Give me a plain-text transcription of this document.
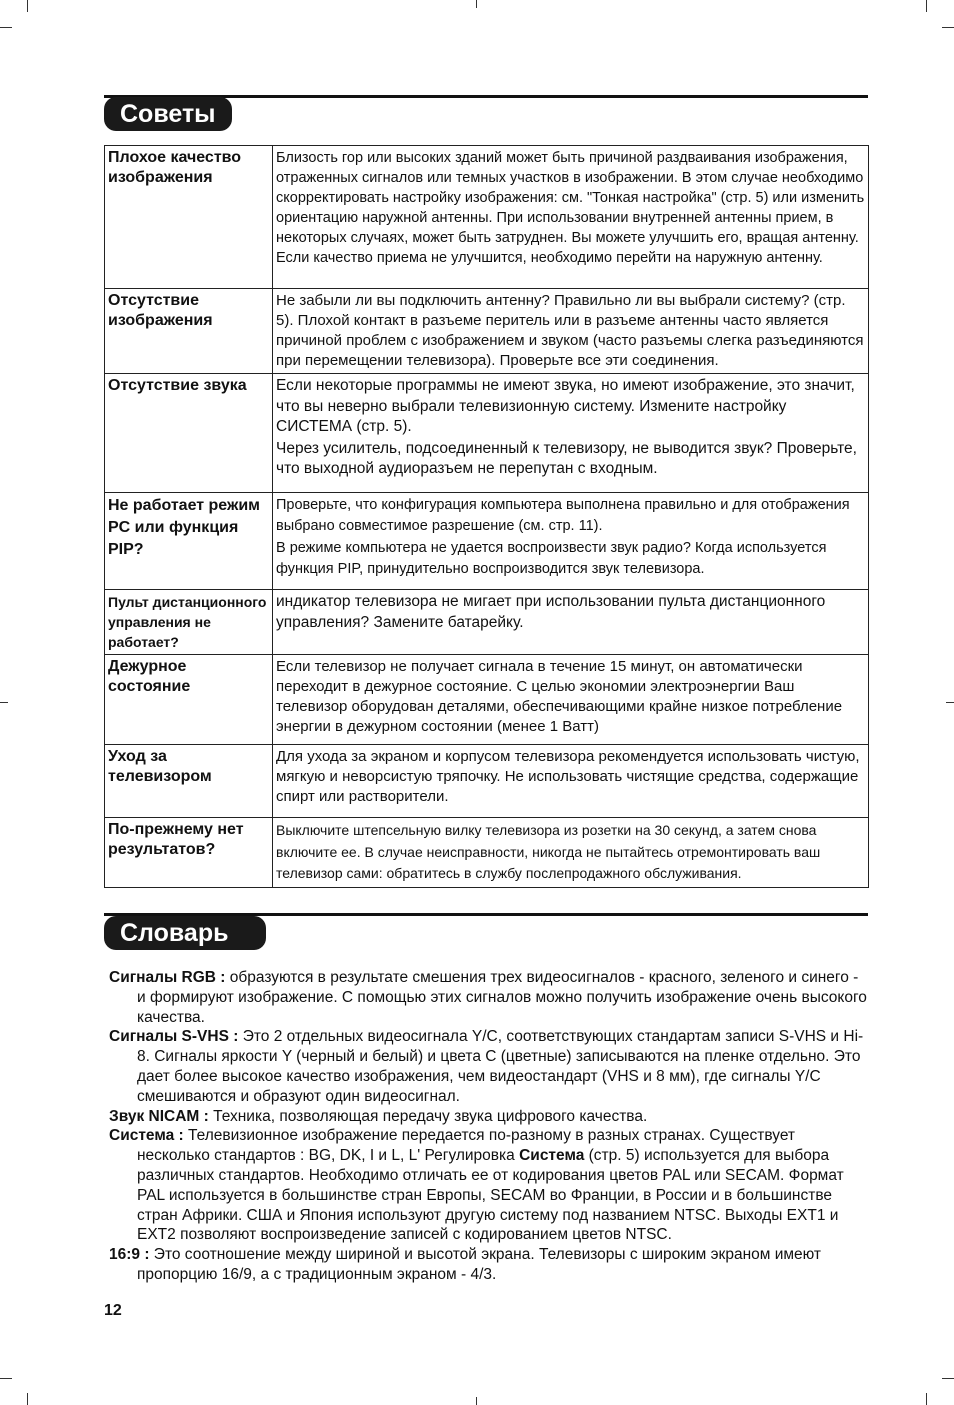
Советы
Плохое качество изображения	Близость гор или высоких зданий может быть причиной раздваивания изображения, отраженных сигналов или темных участков в изображении. В этом случае необходимо скорректировать настройку изображения: см. "Тонкая настройка" (стр. 5) или изменить ориентацию наружной антенны. При использовании внутренней антенны прием, в некоторых случаях, может быть затруднен. Вы можете улучшить его, вращая антенну. Если качество приема не улучшится, необходимо перейти на наружную антенну.

Отсутствие изображения	Не забыли ли вы подключить антенну? Правильно ли вы выбрали систему? (стр. 5). Плохой контакт в разъеме перитель или в разъеме антенны часто является причиной проблем с изображением и звуком (часто разъемы слегка разъединяются при перемещении телевизора). Проверьте все эти соединения.

Отсутствие звука	Если некоторые программы не имеют звука, но имеют изображение, это значит, что вы неверно выбрали телевизионную систему. Измените настройку СИСТЕМА (стр. 5).

Через усилитель, подсоединенный к телевизору, не выводится звук? Проверьте, что выходной аудиоразъем не перепутан с входным.

Не работает режим PC или функция PIP?	Проверьте, что конфигурация компьютера выполнена правильно и для отображения выбрано совместимое разрешение (см. стр. 11).

В режиме компьютера не удается воспроизвести звук радио? Когда используется функция PIP, принудительно воспроизводится звук телевизора.

Пульт дистанционного управления не работает?	индикатор телевизора не мигает при использовании пульта дистанционного управления? Замените батарейку.

Дежурное состояние	Если телевизор не получает сигнала в течение 15 минут, он автоматически переходит в дежурное состояние. С целью экономии электроэнергии Ваш телевизор оборудован деталями, обеспечивающими крайне низкое потребление энергии в дежурном состоянии (менее 1 Ватт)

Уход за телевизором	Для ухода за экраном и корпусом телевизора рекомендуется использовать чистую, мягкую и неворсистую тряпочку. Не использовать чистящие средства, содержащие спирт или растворители.

По-прежнему нет результатов?	Выключите штепсельную вилку телевизора из розетки на 30 секунд, а затем снова включите ее. В случае неисправности, никогда не пытайтесь отремонтировать ваш телевизор сами: обратитесь в службу послепродажного обслуживания.

Словарь

Сигналы RGB : образуются в результате смешения трех видеосигналов - красного, зеленого и синего - и формируют изображение. С помощью этих сигналов можно получить изображение очень высокого качества.

Сигналы S-VHS : Это 2 отдельных видеосигнала Y/C, соответствующих стандартам записи S-VHS и Hi-8. Сигналы яркости Y (черный и белый) и цвета C (цветные) записываются на пленке отдельно. Это дает более высокое качество изображения, чем видеостандарт (VHS и 8 мм), где сигналы Y/C смешиваются и образуют один видеосигнал.

Звук NICAM : Техника, позволяющая передачу звука цифрового качества.

Система : Телевизионное изображение передается по-разному в разных странах. Существует несколько стандартов : BG, DK, I и L, L' Регулировка Система (стр. 5) используется для выбора различных стандартов. Необходимо отличать ее от кодирования цветов PAL или SECAM. Формат PAL используется в большинстве стран Европы, SECAM во Франции, в России и в большинстве стран Африки. США и Япония используют другую систему под названием NTSC. Выходы EXT1 и EXT2 позволяют воспроизведение записей с кодированием цветов NTSC.

16:9 : Это соотношение между шириной и высотой экрана. Телевизоры с широким экраном имеют пропорцию 16/9, а с традиционным экраном - 4/3.

12
